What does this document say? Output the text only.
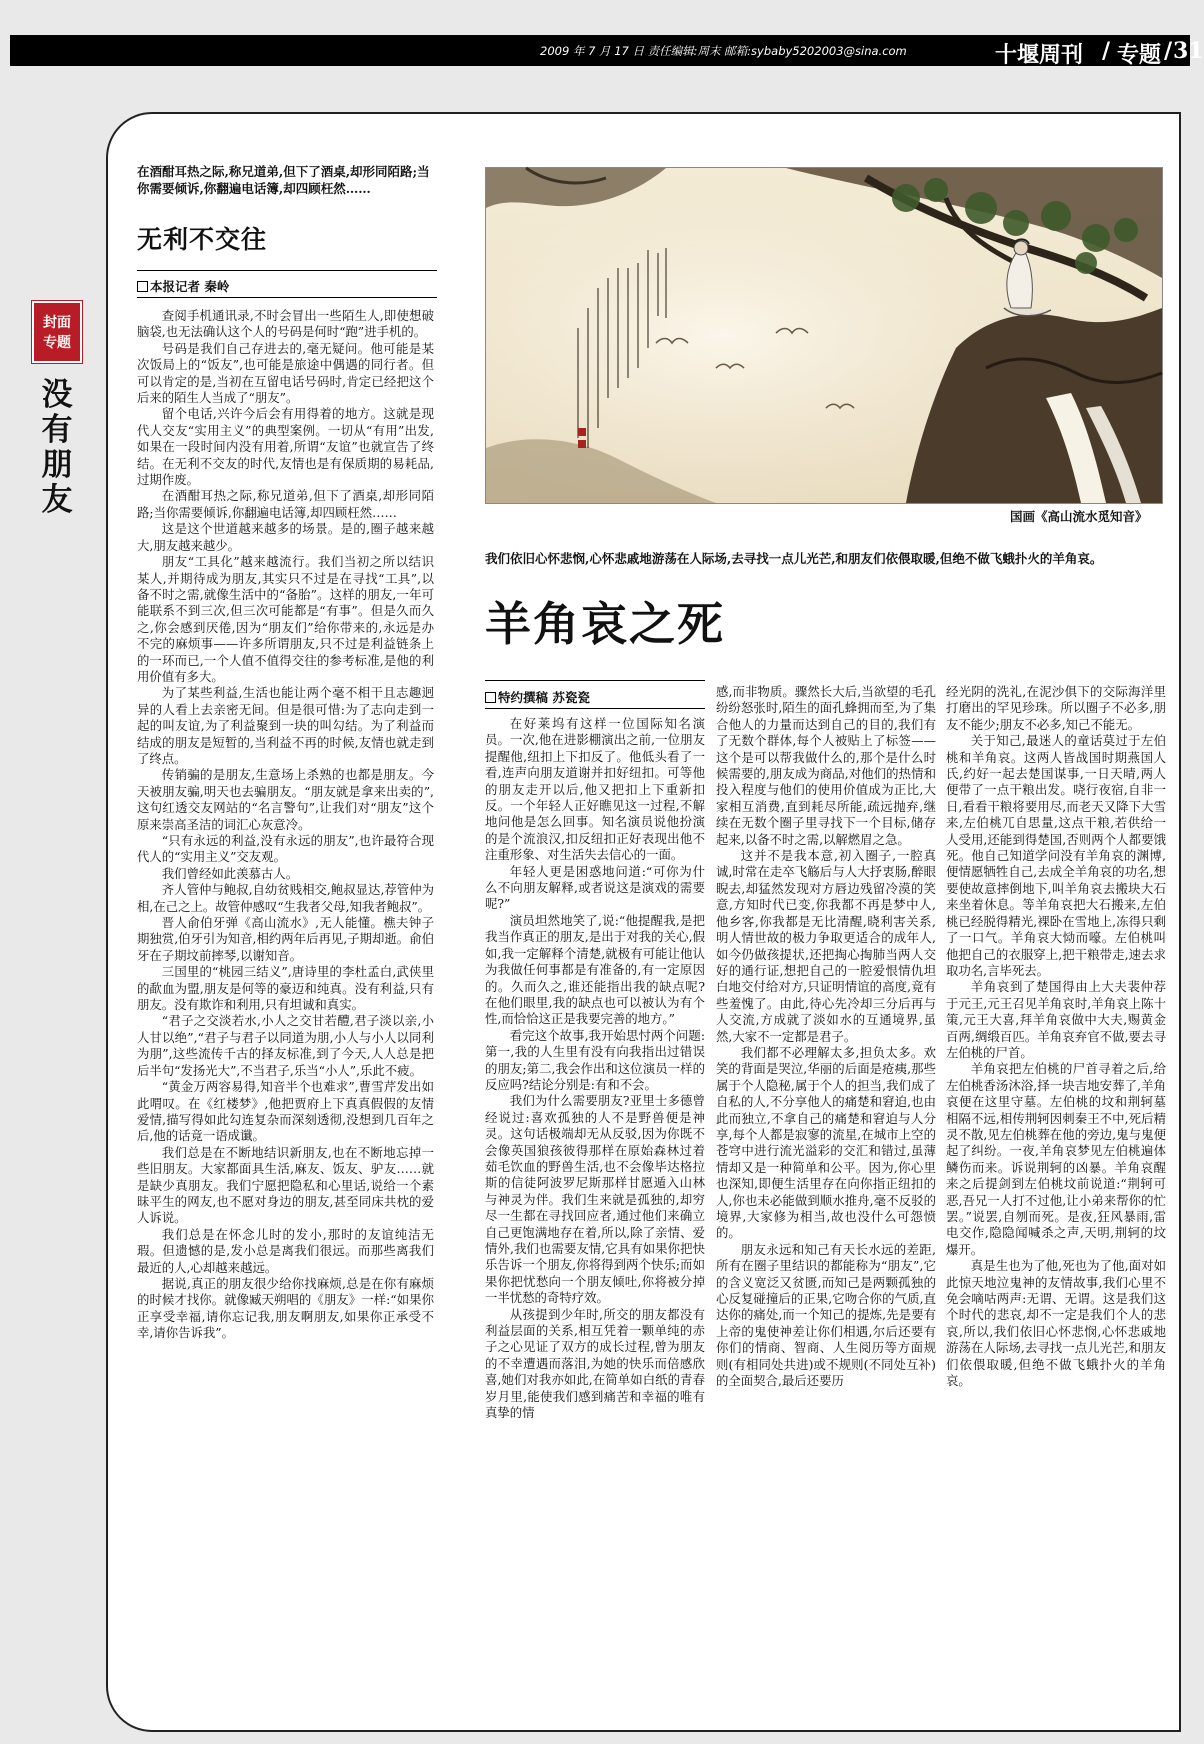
2009 年 7 月 17 日 责任编辑:周末 邮箱:sybaby5202003@sina.com	十堰周刊 / 专题 / 31
封面
专题
没有朋友
在酒酣耳热之际,称兄道弟,但下了酒桌,却形同陌路;当你需要倾诉,你翻遍电话簿,却四顾枉然……
无利不交往
本报记者 秦岭

查阅手机通讯录,不时会冒出一些陌生人,即使想破脑袋,也无法确认这个人的号码是何时“跑”进手机的。

号码是我们自己存进去的,毫无疑问。他可能是某次饭局上的“饭友”,也可能是旅途中偶遇的同行者。但可以肯定的是,当初在互留电话号码时,肯定已经把这个后来的陌生人当成了“朋友”。

留个电话,兴许今后会有用得着的地方。这就是现代人交友“实用主义”的典型案例。一切从“有用”出发,如果在一段时间内没有用着,所谓“友谊”也就宣告了终结。在无利不交友的时代,友情也是有保质期的易耗品,过期作废。

在酒酣耳热之际,称兄道弟,但下了酒桌,却形同陌路;当你需要倾诉,你翻遍电话簿,却四顾枉然……

这是这个世道越来越多的场景。是的,圈子越来越大,朋友越来越少。

朋友“工具化”越来越流行。我们当初之所以结识某人,并期待成为朋友,其实只不过是在寻找“工具”,以备不时之需,就像生活中的“备胎”。这样的朋友,一年可能联系不到三次,但三次可能都是“有事”。但是久而久之,你会感到厌倦,因为“朋友们”给你带来的,永远是办不完的麻烦事——许多所谓朋友,只不过是利益链条上的一环而已,一个人值不值得交往的参考标准,是他的利用价值有多大。

为了某些利益,生活也能让两个毫不相干且志趣迥异的人看上去亲密无间。但是很可惜:为了志向走到一起的叫友谊,为了利益聚到一块的叫勾结。为了利益而结成的朋友是短暂的,当利益不再的时候,友情也就走到了终点。

传销骗的是朋友,生意场上杀熟的也都是朋友。今天被朋友骗,明天也去骗朋友。“朋友就是拿来出卖的”,这句红透交友网站的“名言警句”,让我们对“朋友”这个原来崇高圣洁的词汇心灰意冷。

“只有永远的利益,没有永远的朋友”,也许最符合现代人的“实用主义”交友观。

我们曾经如此羡慕古人。

齐人管仲与鲍叔,自幼贫贱相交,鲍叔显达,荐管仲为相,在己之上。故管仲感叹“生我者父母,知我者鲍叔”。

晋人俞伯牙弹《高山流水》,无人能懂。樵夫钟子期独赏,伯牙引为知音,相约两年后再见,子期却逝。俞伯牙在子期坟前摔琴,以谢知音。

三国里的“桃园三结义”,唐诗里的李杜孟白,武侠里的歃血为盟,朋友是何等的豪迈和纯真。没有利益,只有朋友。没有欺诈和利用,只有坦诚和真实。

“君子之交淡若水,小人之交甘若醴,君子淡以亲,小人甘以绝”,“君子与君子以同道为朋,小人与小人以同利为朋”,这些流传千古的择友标准,到了今天,人人总是把后半句“发扬光大”,不当君子,乐当“小人”,乐此不疲。

“黄金万两容易得,知音半个也难求”,曹雪芹发出如此喟叹。在《红楼梦》,他把贾府上下真真假假的友情爱情,描写得如此勾连复杂而深刻透彻,没想到几百年之后,他的话竟一语成谶。

我们总是在不断地结识新朋友,也在不断地忘掉一些旧朋友。大家都面具生活,麻友、饭友、驴友……就是缺少真朋友。我们宁愿把隐私和心里话,说给一个素昧平生的网友,也不愿对身边的朋友,甚至同床共枕的爱人诉说。

我们总是在怀念儿时的发小,那时的友谊纯洁无瑕。但遗憾的是,发小总是离我们很远。而那些离我们最近的人,心却越来越远。

据说,真正的朋友很少给你找麻烦,总是在你有麻烦的时候才找你。就像臧天朔唱的《朋友》一样:“如果你正享受幸福,请你忘记我,朋友啊朋友,如果你正承受不幸,请你告诉我”。

国画《高山流水觅知音》
我们依旧心怀悲悯,心怀悲戚地游荡在人际场,去寻找一点儿光芒,和朋友们依偎取暖,但绝不做飞蛾扑火的羊角哀。
羊角哀之死
特约撰稿 苏瓷瓷

在好莱坞有这样一位国际知名演员。一次,他在进影棚演出之前,一位朋友提醒他,纽扣上下扣反了。他低头看了一看,连声向朋友道谢并扣好纽扣。可等他的朋友走开以后,他又把扣上下重新扣反。一个年轻人正好瞧见这一过程,不解地问他是怎么回事。知名演员说他扮演的是个流浪汉,扣反纽扣正好表现出他不注重形象、对生活失去信心的一面。

年轻人更是困惑地问道:“可你为什么不向朋友解释,或者说这是演戏的需要呢?”

演员坦然地笑了,说:“他提醒我,是把我当作真正的朋友,是出于对我的关心,假如,我一定解释个清楚,就极有可能让他认为我做任何事都是有准备的,有一定原因的。久而久之,谁还能指出我的缺点呢?在他们眼里,我的缺点也可以被认为有个性,而恰恰这正是我要完善的地方。”

看完这个故事,我开始思忖两个问题:第一,我的人生里有没有向我指出过错误的朋友;第二,我会作出和这位演员一样的反应吗?结论分别是:有和不会。

我们为什么需要朋友?亚里士多德曾经说过:喜欢孤独的人不是野兽便是神灵。这句话极端却无从反驳,因为你既不会像英国狼孩彼得那样在原始森林过着茹毛饮血的野兽生活,也不会像毕达格拉斯的信徒阿波罗尼斯那样甘愿遁入山林与神灵为伴。我们生来就是孤独的,却穷尽一生都在寻找回应者,通过他们来确立自己更饱满地存在着,所以,除了亲情、爱情外,我们也需要友情,它具有如果你把快乐告诉一个朋友,你将得到两个快乐;而如果你把忧愁向一个朋友倾吐,你将被分掉一半忧愁的奇特疗效。

从孩提到少年时,所交的朋友都没有利益层面的关系,相互凭着一颗单纯的赤子之心见证了双方的成长过程,曾为朋友的不幸遭遇而落泪,为她的快乐而倍感欣喜,她们对我亦如此,在简单如白纸的青春岁月里,能使我们感到痛苦和幸福的唯有真挚的情

感,而非物质。骤然长大后,当欲望的毛孔纷纷怒张时,陌生的面孔蜂拥而至,为了集合他人的力量而达到自己的目的,我们有了无数个群体,每个人被贴上了标签——这个是可以帮我做什么的,那个是什么时候需要的,朋友成为商品,对他们的热情和投入程度与他们的使用价值成为正比,大家相互消费,直到耗尽所能,疏远抛弃,继续在无数个圈子里寻找下一个目标,储存起来,以备不时之需,以解燃眉之急。

这并不是我本意,初入圈子,一腔真诚,时常在走卒飞觞后与人大抒衷肠,醉眼睨去,却猛然发现对方唇边残留冷漠的笑意,方知时代已变,你我都不再是梦中人,他乡客,你我都是无比清醒,晓利害关系,明人情世故的极力争取更适合的成年人,如今仍做孩提状,还把掏心掏肺当两人交好的通行证,想把自己的一腔爱恨情仇坦白地交付给对方,只证明情谊的高度,竟有些羞愧了。由此,待心先冷却三分后再与人交流,方成就了淡如水的互通境界,虽然,大家不一定都是君子。

我们都不必理解太多,担负太多。欢笑的背面是哭泣,华丽的后面是疮痍,那些属于个人隐秘,属于个人的担当,我们成了自私的人,不分享他人的痛楚和窘迫,也由此而独立,不拿自己的痛楚和窘迫与人分享,每个人都是寂寥的流星,在城市上空的苍穹中进行流光溢彩的交汇和错过,虽薄情却又是一种简单和公平。因为,你心里也深知,即便生活里存在向你指正纽扣的人,你也未必能做到顺水推舟,毫不反驳的境界,大家修为相当,故也没什么可怨愤的。

朋友永远和知己有天长水远的差距,所有在圈子里结识的都能称为“朋友”,它的含义宽泛又贫匮,而知己是两颗孤独的心反复碰撞后的正果,它吻合你的气质,直达你的痛处,而一个知己的提炼,先是要有上帝的鬼使神差让你们相遇,尔后还要有你们的情商、智商、人生阅历等方面规则(有相同处共进)或不规则(不同处互补)的全面契合,最后还要历

经光阴的洗礼,在泥沙俱下的交际海洋里打磨出的罕见珍珠。所以圈子不必多,朋友不能少;朋友不必多,知己不能无。

关于知己,最迷人的童话莫过于左伯桃和羊角哀。这两人皆战国时期燕国人氏,约好一起去楚国谋事,一日天晴,两人便带了一点干粮出发。哓行夜宿,自非一日,看看干粮将要用尽,而老天又降下大雪来,左伯桃兀自思量,这点干粮,若供给一人受用,还能到得楚国,否则两个人都要饿死。他自己知道学问没有羊角哀的渊博,便情愿牺牲自己,去成全羊角哀的功名,想要使故意摔倒地下,叫羊角哀去搬块大石来坐着休息。等羊角哀把大石搬来,左伯桃已经脱得精光,裸卧在雪地上,冻得只剩了一口气。羊角哀大恸而嚎。左伯桃叫他把自己的衣服穿上,把干粮带走,速去求取功名,言毕死去。

羊角哀到了楚国得由上大夫裴仲荐于元王,元王召见羊角哀时,羊角哀上陈十策,元王大喜,拜羊角哀做中大夫,赐黄金百两,绸缎百匹。羊角哀弃官不做,要去寻左伯桃的尸首。

羊角哀把左伯桃的尸首寻着之后,给左伯桃香汤沐浴,择一块吉地安葬了,羊角哀便在这里守墓。左伯桃的坟和荆轲墓相隔不远,相传荆轲因刺秦王不中,死后精灵不散,见左伯桃葬在他的旁边,鬼与鬼便起了纠纷。一夜,羊角哀梦见左伯桃遍体鳞伤而来。诉说荆轲的凶暴。羊角哀醒来之后提剑到左伯桃坟前说道:“荆轲可恶,吾兄一人打不过他,让小弟来帮你的忙罢。”说罢,自刎而死。是夜,狂风暴雨,雷电交作,隐隐闻喊杀之声,天明,荆轲的坟爆开。

真是生也为了他,死也为了他,面对如此惊天地泣鬼神的友情故事,我们心里不免会嘀咕两声:无谓、无谓。这是我们这个时代的悲哀,却不一定是我们个人的悲哀,所以,我们依旧心怀悲悯,心怀悲戚地游荡在人际场,去寻找一点儿光芒,和朋友们依偎取暖,但绝不做飞蛾扑火的羊角哀。
